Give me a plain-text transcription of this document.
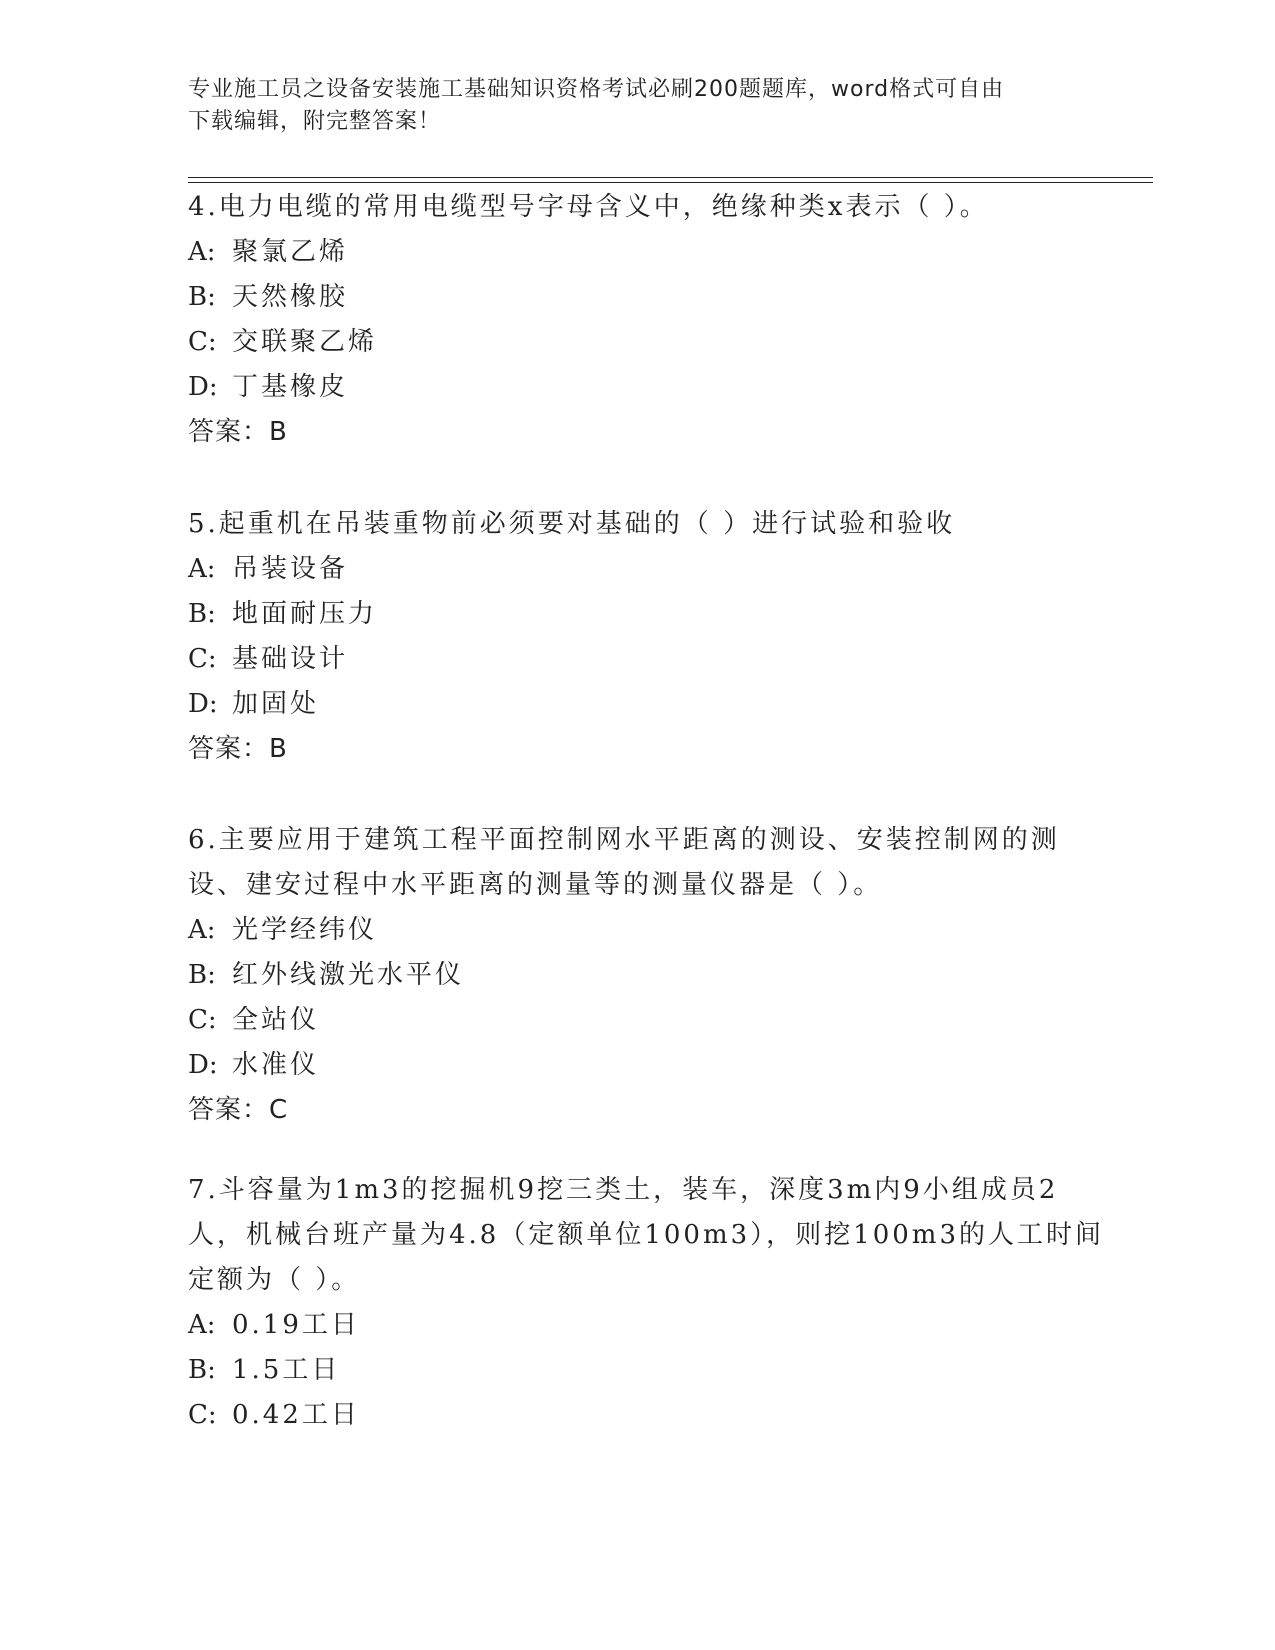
专业施工员之设备安装施工基础知识资格考试必刷200题题库，word格式可自由
下载编辑，附完整答案！
4.电力电缆的常用电缆型号字母含义中，绝缘种类x表示（ ）。
A: 聚氯乙烯
B: 天然橡胶
C: 交联聚乙烯
D: 丁基橡皮
答案：B
5.起重机在吊装重物前必须要对基础的（ ）进行试验和验收
A: 吊装设备
B: 地面耐压力
C: 基础设计
D: 加固处
答案：B
6.主要应用于建筑工程平面控制网水平距离的测设、安装控制网的测
设、建安过程中水平距离的测量等的测量仪器是（ ）。
A: 光学经纬仪
B: 红外线激光水平仪
C: 全站仪
D: 水准仪
答案：C
7.斗容量为1m3的挖掘机9挖三类土，装车，深度3m内9小组成员2
人，机械台班产量为4.8（定额单位100m3），则挖100m3的人工时间
定额为（ ）。
A: 0.19工日
B: 1.5工日
C: 0.42工日
